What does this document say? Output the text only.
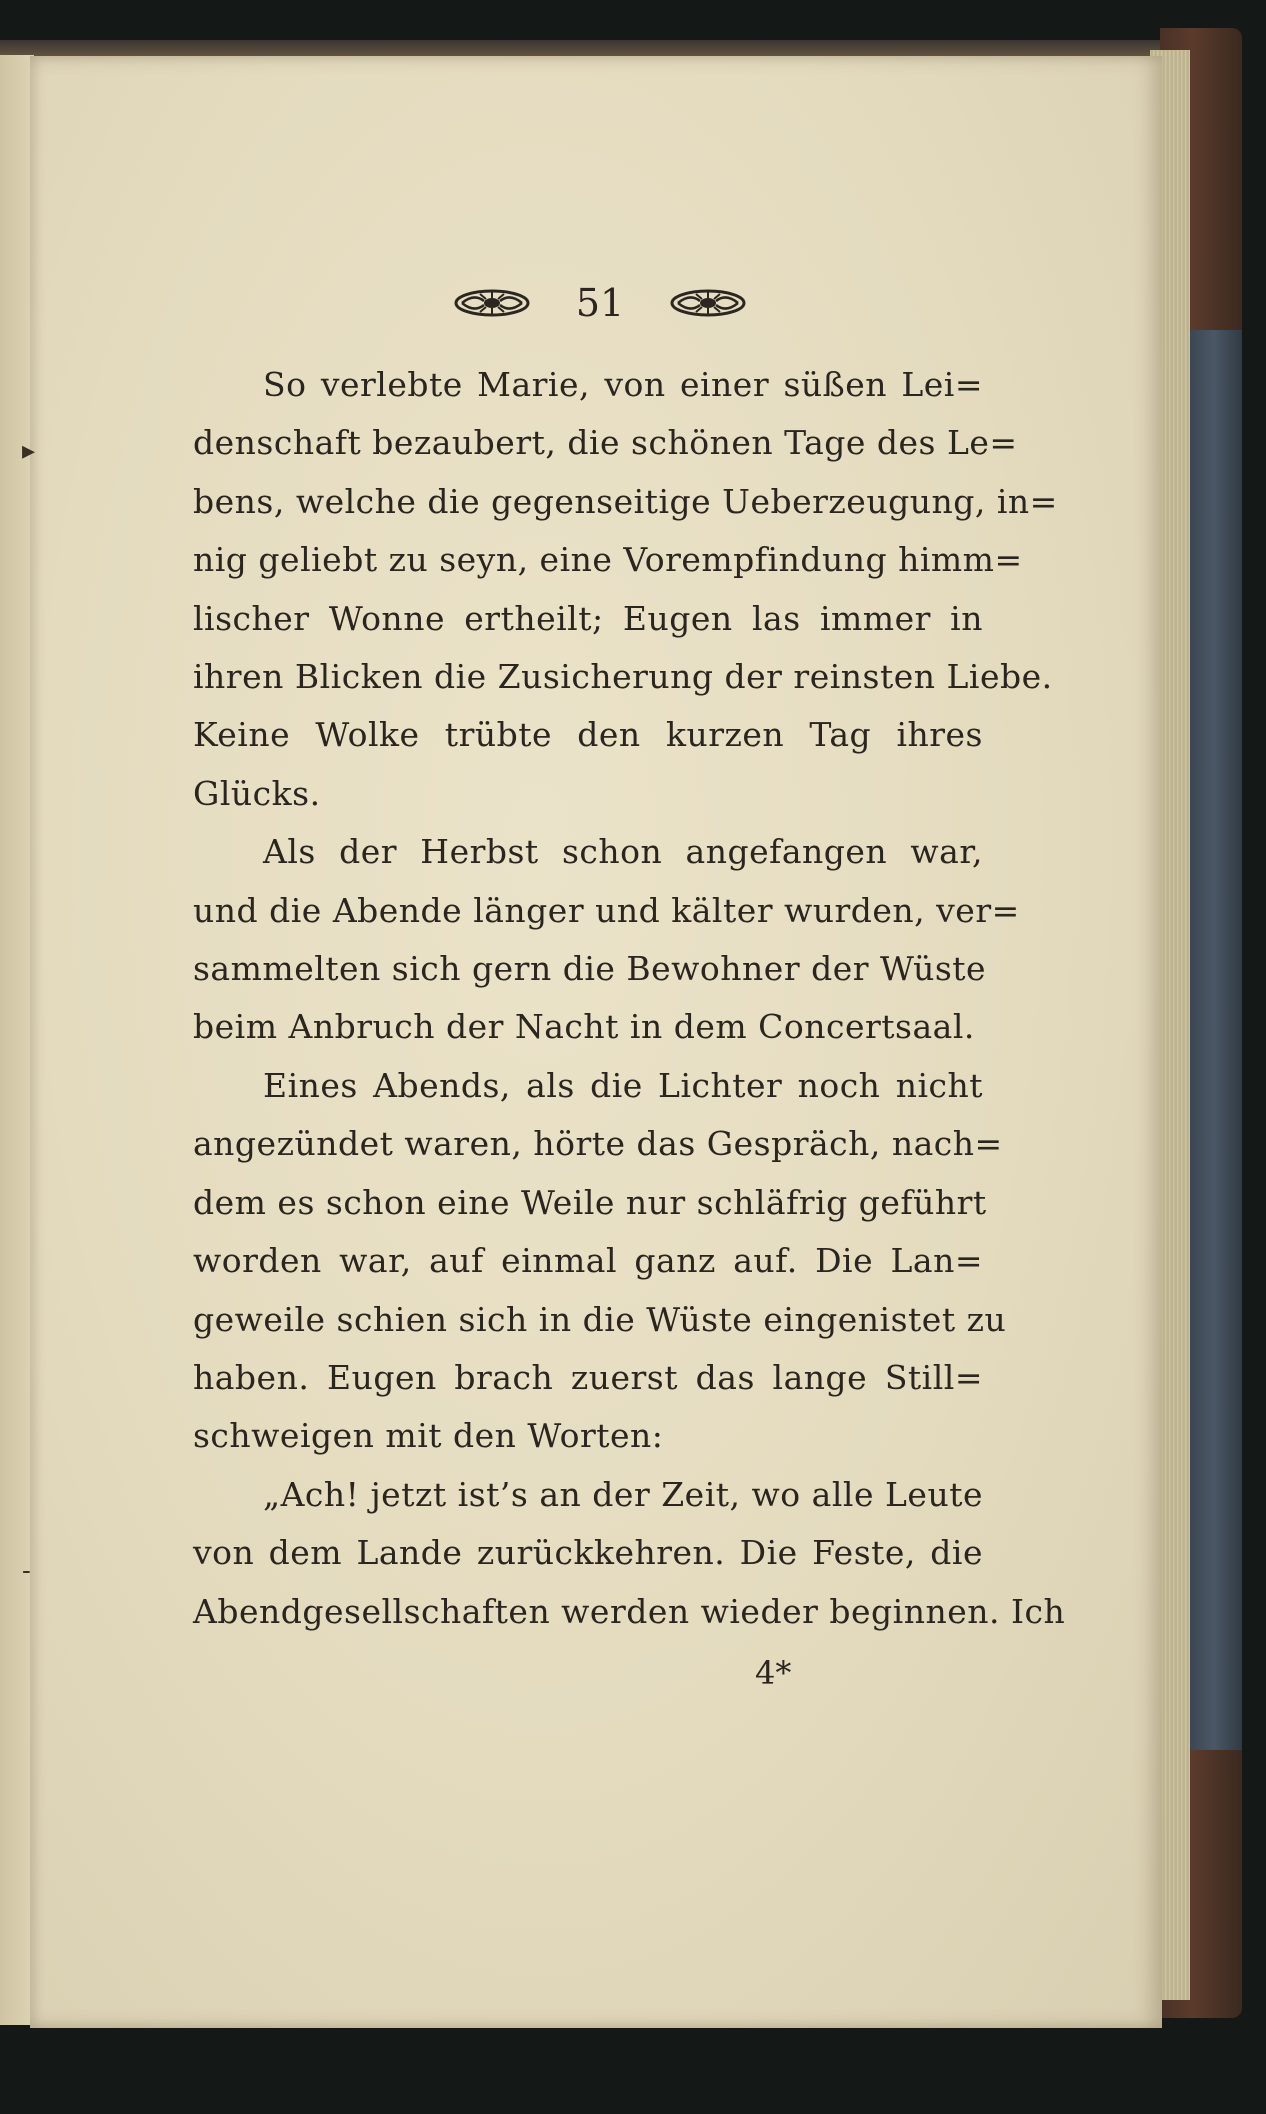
▸
-
51

So verlebte Marie, von einer süßen Lei=
denschaft bezaubert, die schönen Tage des Le=
bens, welche die gegenseitige Ueberzeugung, in=
nig geliebt zu seyn, eine Vorempfindung himm=
lischer Wonne ertheilt; Eugen las immer in
ihren Blicken die Zusicherung der reinsten Liebe.
Keine Wolke trübte den kurzen Tag ihres
Glücks.

Als der Herbst schon angefangen war,
und die Abende länger und kälter wurden, ver=
sammelten sich gern die Bewohner der Wüste
beim Anbruch der Nacht in dem Concertsaal.

Eines Abends, als die Lichter noch nicht
angezündet waren, hörte das Gespräch, nach=
dem es schon eine Weile nur schläfrig geführt
worden war, auf einmal ganz auf. Die Lan=
geweile schien sich in die Wüste eingenistet zu
haben. Eugen brach zuerst das lange Still=
schweigen mit den Worten:

„Ach! jetzt ist’s an der Zeit, wo alle Leute
von dem Lande zurückkehren. Die Feste, die
Abendgesellschaften werden wieder beginnen. Ich

4*
